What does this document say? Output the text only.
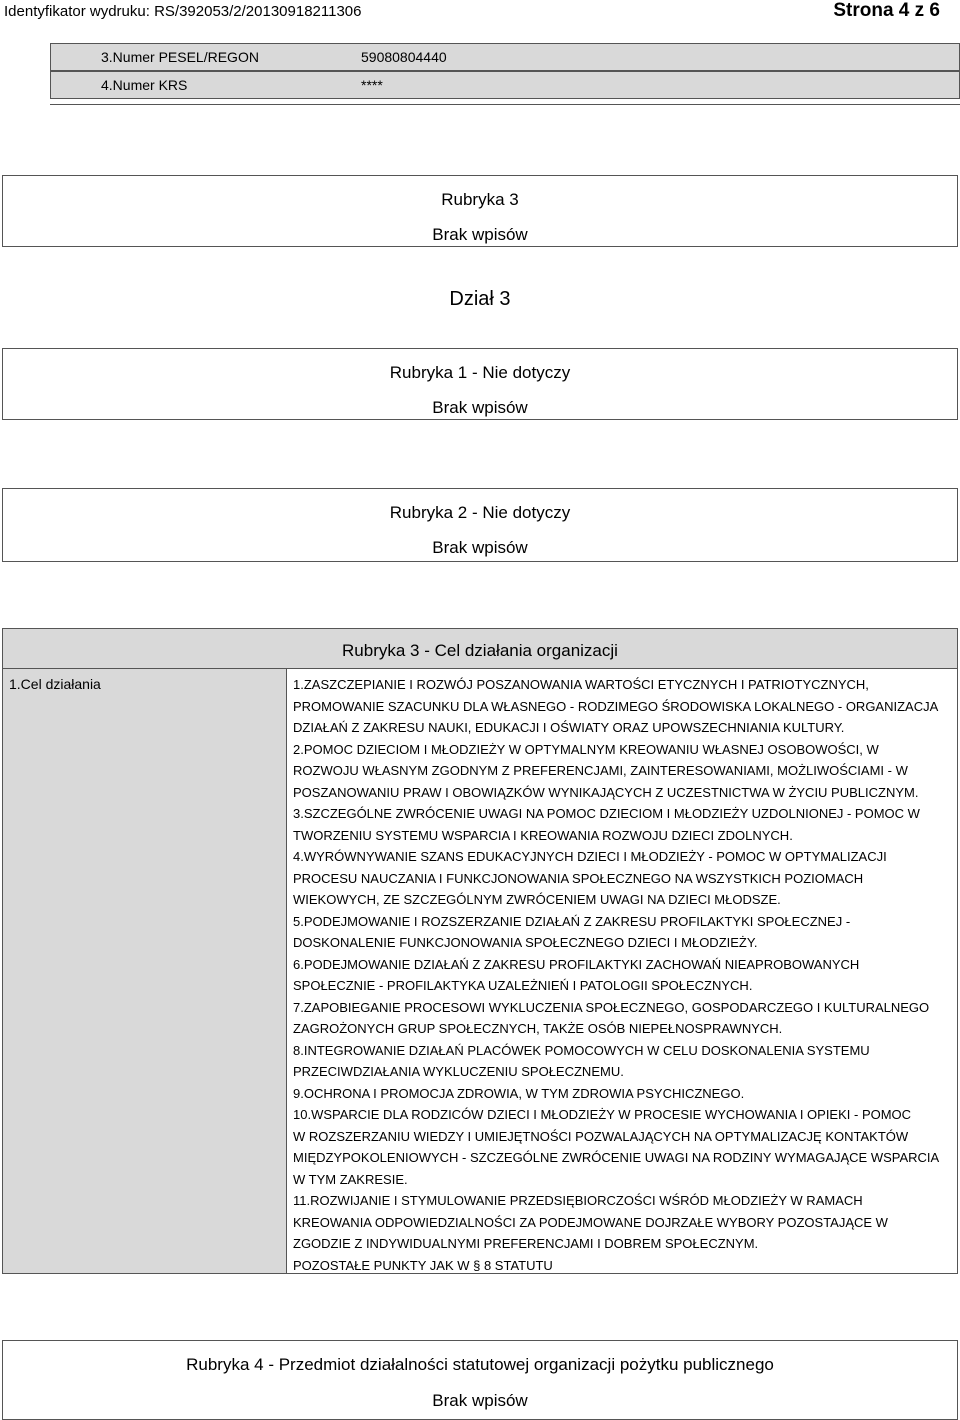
Identyfikator wydruku: RS/392053/2/20130918211306	Strona 4 z 6
3.Numer PESEL/REGON	59080804440
4.Numer KRS	****
Rubryka 3
Brak wpisów
Dział 3
Rubryka 1 - Nie dotyczy
Brak wpisów
Rubryka 2 - Nie dotyczy
Brak wpisów
Rubryka 3 - Cel działania organizacji
1.Cel działania	1.ZASZCZEPIANIE I ROZWÓJ POSZANOWANIA WARTOŚCI ETYCZNYCH I PATRIOTYCZNYCH,

PROMOWANIE SZACUNKU DLA WŁASNEGO - RODZIMEGO ŚRODOWISKA LOKALNEGO - ORGANIZACJA

DZIAŁAŃ Z ZAKRESU NAUKI, EDUKACJI I OŚWIATY ORAZ UPOWSZECHNIANIA KULTURY.

2.POMOC DZIECIOM I MŁODZIEŻY W OPTYMALNYM KREOWANIU WŁASNEJ OSOBOWOŚCI, W

ROZWOJU WŁASNYM ZGODNYM Z PREFERENCJAMI, ZAINTERESOWANIAMI, MOŻLIWOŚCIAMI - W

POSZANOWANIU PRAW I OBOWIĄZKÓW WYNIKAJĄCYCH Z UCZESTNICTWA W ŻYCIU PUBLICZNYM.

3.SZCZEGÓLNE ZWRÓCENIE UWAGI NA POMOC DZIECIOM I MŁODZIEŻY UZDOLNIONEJ - POMOC W

TWORZENIU SYSTEMU WSPARCIA I KREOWANIA ROZWOJU DZIECI ZDOLNYCH.

4.WYRÓWNYWANIE SZANS EDUKACYJNYCH DZIECI I MŁODZIEŻY - POMOC W OPTYMALIZACJI

PROCESU NAUCZANIA I FUNKCJONOWANIA SPOŁECZNEGO NA WSZYSTKICH POZIOMACH

WIEKOWYCH, ZE SZCZEGÓLNYM ZWRÓCENIEM UWAGI NA DZIECI MŁODSZE.

5.PODEJMOWANIE I ROZSZERZANIE DZIAŁAŃ Z ZAKRESU PROFILAKTYKI SPOŁECZNEJ -

DOSKONALENIE FUNKCJONOWANIA SPOŁECZNEGO DZIECI I MŁODZIEŻY.

6.PODEJMOWANIE DZIAŁAŃ Z ZAKRESU PROFILAKTYKI ZACHOWAŃ NIEAPROBOWANYCH

SPOŁECZNIE - PROFILAKTYKA UZALEŻNIEŃ I PATOLOGII SPOŁECZNYCH.

7.ZAPOBIEGANIE PROCESOWI WYKLUCZENIA SPOŁECZNEGO, GOSPODARCZEGO I KULTURALNEGO

ZAGROŻONYCH GRUP SPOŁECZNYCH, TAKŻE OSÓB NIEPEŁNOSPRAWNYCH.

8.INTEGROWANIE DZIAŁAŃ PLACÓWEK POMOCOWYCH W CELU DOSKONALENIA SYSTEMU

PRZECIWDZIAŁANIA WYKLUCZENIU SPOŁECZNEMU.

9.OCHRONA I PROMOCJA ZDROWIA, W TYM ZDROWIA PSYCHICZNEGO.

10.WSPARCIE DLA RODZICÓW DZIECI I MŁODZIEŻY W PROCESIE WYCHOWANIA I OPIEKI - POMOC

W ROZSZERZANIU WIEDZY I UMIEJĘTNOŚCI POZWALAJĄCYCH NA OPTYMALIZACJĘ KONTAKTÓW

MIĘDZYPOKOLENIOWYCH - SZCZEGÓLNE ZWRÓCENIE UWAGI NA RODZINY WYMAGAJĄCE WSPARCIA

W TYM ZAKRESIE.

11.ROZWIJANIE I STYMULOWANIE PRZEDSIĘBIORCZOŚCI WŚRÓD MŁODZIEŻY W RAMACH

KREOWANIA ODPOWIEDZIALNOŚCI ZA PODEJMOWANE DOJRZAŁE WYBORY POZOSTAJĄCE W

ZGODZIE Z INDYWIDUALNYMI PREFERENCJAMI I DOBREM SPOŁECZNYM.

POZOSTAŁE PUNKTY JAK W § 8 STATUTU

Rubryka 4 - Przedmiot działalności statutowej organizacji pożytku publicznego
Brak wpisów
